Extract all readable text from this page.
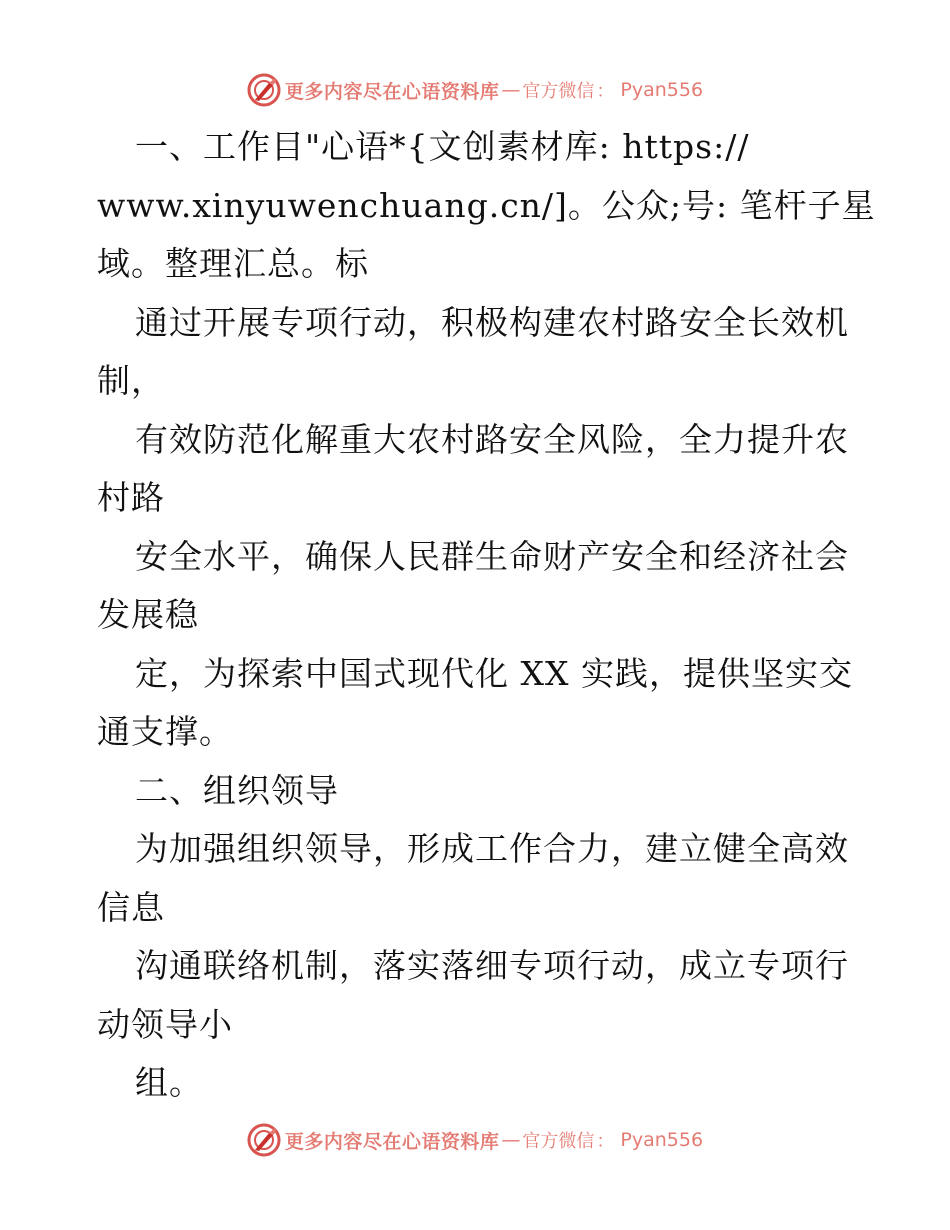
更多内容尽在心语资料库 — 官方微信 ： Pyan556
一、工作目"心语*{文创素材库: https://
www.xinyuwenchuang.cn/]。公众;号: 笔杆子星
域。整理汇总。标
通过开展专项行动，积极构建农村路安全长效机
制，
有效防范化解重大农村路安全风险，全力提升农
村路
安全水平，确保人民群生命财产安全和经济社会
发展稳
定，为探索中国式现代化 XX 实践，提供坚实交
通支撑。
二、组织领导
为加强组织领导，形成工作合力，建立健全高效
信息
沟通联络机制，落实落细专项行动，成立专项行
动领导小
组。
更多内容尽在心语资料库 — 官方微信 ： Pyan556
